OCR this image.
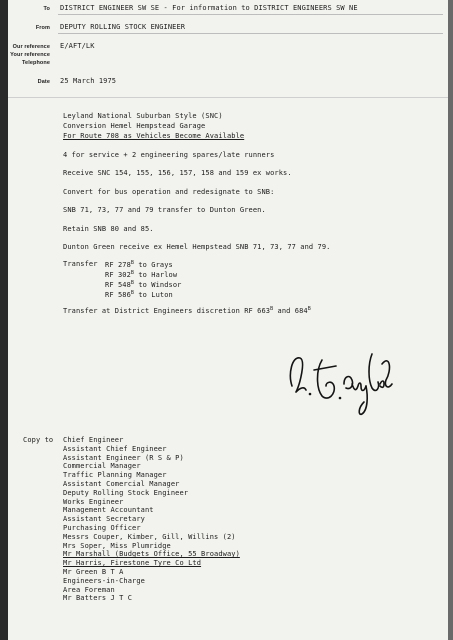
To DISTRICT ENGINEER SW SE - For information to DISTRICT ENGINEERS SW NE
From DEPUTY ROLLING STOCK ENGINEER
Our reference E/AFT/LK
Your reference
Telephone
Date 25 March 1975
Leyland National Suburban Style (SNC)
Conversion Hemel Hempstead Garage
For Route 708 as Vehicles Become Available
4 for service + 2 engineering spares/late runners
Receive SNC 154, 155, 156, 157, 158 and 159 ex works.
Convert for bus operation and redesignate to SNB:
SNB 71, 73, 77 and 79 transfer to Dunton Green.
Retain SNB 80 and 85.
Dunton Green receive ex Hemel Hempstead SNB 71, 73, 77 and 79.
Transfer RF $278^B$ to Grays
RF $302^B$ to Harlow
RF $548^B$ to Windsor
RF $586^B$ to Luton
Transfer at District Engineers discretion RF $663^B$ and $684^B$
Copy to Chief Engineer
Assistant Chief Engineer
Assistant Engineer (R S & P)
Commercial Manager
Traffic Planning Manager
Assistant Comercial Manager
Deputy Rolling Stock Engineer
Works Engineer
Management Accountant
Assistant Secretary
Purchasing Officer
Messrs Couper, Kimber, Gill, Willins (2)
Mrs Soper, Miss Plumridge
Mr Marshall (Budgets Office, 55 Broadway)
Mr Harris, Firestone Tyre Co Ltd
Mr Green B T A
Engineers-in-Charge
Area Foreman
Mr Batters J T C
